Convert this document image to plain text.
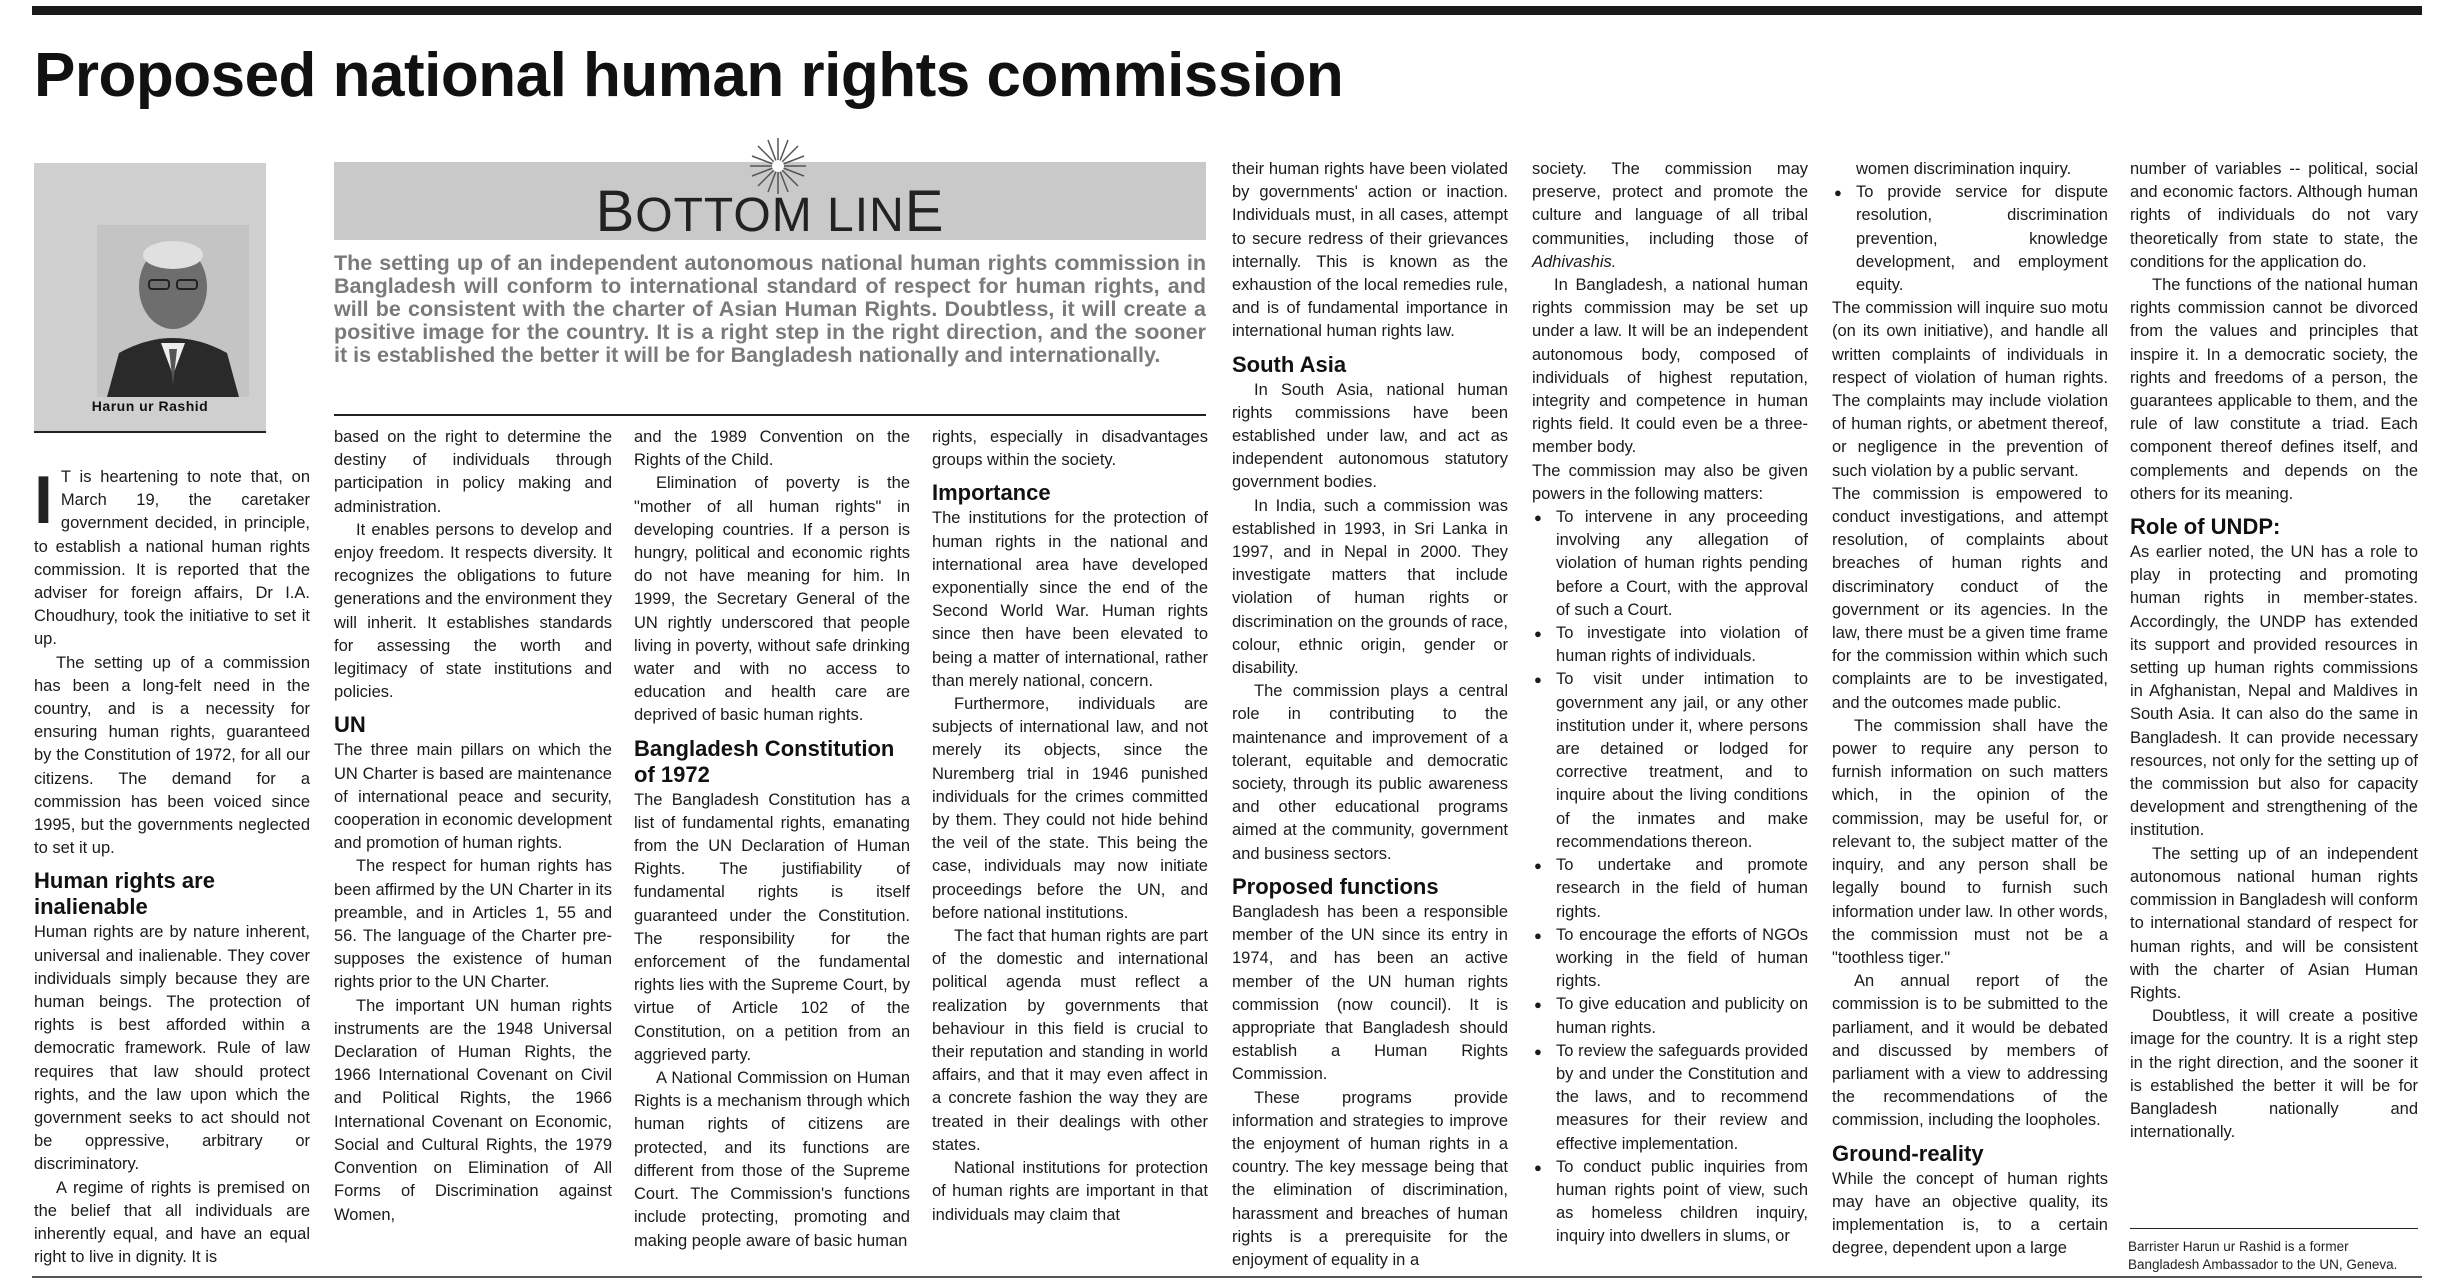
Proposed national human rights commission
Harun ur Rashid
BOTTOM LINE
The setting up of an independent autonomous national human rights commission in Bangladesh will conform to international standard of respect for human rights, and will be consistent with the charter of Asian Human Rights. Doubtless, it will create a positive image for the country. It is a right step in the right direction, and the sooner it is established the better it will be for Bangladesh nationally and internationally.

I T is heartening to note that, on March 19, the caretaker government decided, in principle, to establish a national human rights commission. It is reported that the adviser for foreign affairs, Dr I.A. Choudhury, took the initiative to set it up.

The setting up of a commission has been a long-felt need in the country, and is a necessity for ensuring human rights, guaranteed by the Constitution of 1972, for all our citizens. The demand for a commission has been voiced since 1995, but the governments neglected to set it up.

Human rights are inalienable

Human rights are by nature inherent, universal and inalienable. They cover individuals simply because they are human beings. The protection of rights is best afforded within a democratic framework. Rule of law requires that law should protect rights, and the law upon which the government seeks to act should not be oppressive, arbitrary or discriminatory.

A regime of rights is premised on the belief that all individuals are inherently equal, and have an equal right to live in dignity. It is

based on the right to determine the destiny of individuals through participation in policy making and administration.

It enables persons to develop and enjoy freedom. It respects diversity. It recognizes the obligations to future generations and the environment they will inherit. It establishes standards for assessing the worth and legitimacy of state institutions and policies.

UN

The three main pillars on which the UN Charter is based are maintenance of international peace and security, cooperation in economic development and promotion of human rights.

The respect for human rights has been affirmed by the UN Charter in its preamble, and in Articles 1, 55 and 56. The language of the Charter pre-supposes the existence of human rights prior to the UN Charter.

The important UN human rights instruments are the 1948 Universal Declaration of Human Rights, the 1966 International Covenant on Civil and Political Rights, the 1966 International Covenant on Economic, Social and Cultural Rights, the 1979 Convention on Elimination of All Forms of Discrimination against Women,

and the 1989 Convention on the Rights of the Child.

Elimination of poverty is the "mother of all human rights" in developing countries. If a person is hungry, political and economic rights do not have meaning for him. In 1999, the Secretary General of the UN rightly underscored that people living in poverty, without safe drinking water and with no access to education and health care are deprived of basic human rights.

Bangladesh Constitution of 1972

The Bangladesh Constitution has a list of fundamental rights, emanating from the UN Declaration of Human Rights. The justifiability of fundamental rights is itself guaranteed under the Constitution. The responsibility for the enforcement of the fundamental rights lies with the Supreme Court, by virtue of Article 102 of the Constitution, on a petition from an aggrieved party.

A National Commission on Human Rights is a mechanism through which human rights of citizens are protected, and its functions are different from those of the Supreme Court. The Commission's functions include protecting, promoting and making people aware of basic human

rights, especially in disadvantages groups within the society.

Importance

The institutions for the protection of human rights in the national and international area have developed exponentially since the end of the Second World War. Human rights since then have been elevated to being a matter of international, rather than merely national, concern.

Furthermore, individuals are subjects of international law, and not merely its objects, since the Nuremberg trial in 1946 punished individuals for the crimes committed by them. They could not hide behind the veil of the state. This being the case, individuals may now initiate proceedings before the UN, and before national institutions.

The fact that human rights are part of the domestic and international political agenda must reflect a realization by governments that behaviour in this field is crucial to their reputation and standing in world affairs, and that it may even affect in a concrete fashion the way they are treated in their dealings with other states.

National institutions for protection of human rights are important in that individuals may claim that

their human rights have been violated by governments' action or inaction. Individuals must, in all cases, attempt to secure redress of their grievances internally. This is known as the exhaustion of the local remedies rule, and is of fundamental importance in international human rights law.

South Asia

In South Asia, national human rights commissions have been established under law, and act as independent autonomous statutory government bodies.

In India, such a commission was established in 1993, in Sri Lanka in 1997, and in Nepal in 2000. They investigate matters that include violation of human rights or discrimination on the grounds of race, colour, ethnic origin, gender or disability.

The commission plays a central role in contributing to the maintenance and improvement of a tolerant, equitable and democratic society, through its public awareness and other educational programs aimed at the community, government and business sectors.

Proposed functions

Bangladesh has been a responsible member of the UN since its entry in 1974, and has been an active member of the UN human rights commission (now council). It is appropriate that Bangladesh should establish a Human Rights Commission.

These programs provide information and strategies to improve the enjoyment of human rights in a country. The key message being that the elimination of discrimination, harassment and breaches of human rights is a prerequisite for the enjoyment of equality in a

society. The commission may preserve, protect and promote the culture and language of all tribal communities, including those of Adhivashis.

In Bangladesh, a national human rights commission may be set up under a law. It will be an independent autonomous body, composed of individuals of highest reputation, integrity and competence in human rights field. It could even be a three-member body.

The commission may also be given powers in the following matters:

● To intervene in any proceeding involving any allegation of violation of human rights pending before a Court, with the approval of such a Court.
● To investigate into violation of human rights of individuals.
● To visit under intimation to government any jail, or any other institution under it, where persons are detained or lodged for corrective treatment, and to inquire about the living conditions of the inmates and make recommendations thereon.
● To undertake and promote research in the field of human rights.
● To encourage the efforts of NGOs working in the field of human rights.
● To give education and publicity on human rights.
● To review the safeguards provided by and under the Constitution and the laws, and to recommend measures for their review and effective implementation.
● To conduct public inquiries from human rights point of view, such as homeless children inquiry, inquiry into dwellers in slums, or

women discrimination inquiry.

● To provide service for dispute resolution, discrimination prevention, knowledge development, and employment equity.

The commission will inquire suo motu (on its own initiative), and handle all written complaints of individuals in respect of violation of human rights. The complaints may include violation of human rights, or abetment thereof, or negligence in the prevention of such violation by a public servant.

The commission is empowered to conduct investigations, and attempt resolution, of complaints about breaches of human rights and discriminatory conduct of the government or its agencies. In the law, there must be a given time frame for the commission within which such complaints are to be investigated, and the outcomes made public.

The commission shall have the power to require any person to furnish information on such matters which, in the opinion of the commission, may be useful for, or relevant to, the subject matter of the inquiry, and any person shall be legally bound to furnish such information under law. In other words, the commission must not be a "toothless tiger."

An annual report of the commission is to be submitted to the parliament, and it would be debated and discussed by members of parliament with a view to addressing the recommendations of the commission, including the loopholes.

Ground-reality

While the concept of human rights may have an objective quality, its implementation is, to a certain degree, dependent upon a large

number of variables -- political, social and economic factors. Although human rights of individuals do not vary theoretically from state to state, the conditions for the application do.

The functions of the national human rights commission cannot be divorced from the values and principles that inspire it. In a democratic society, the rights and freedoms of a person, the guarantees applicable to them, and the rule of law constitute a triad. Each component thereof defines itself, and complements and depends on the others for its meaning.

Role of UNDP:

As earlier noted, the UN has a role to play in protecting and promoting human rights in member-states. Accordingly, the UNDP has extended its support and provided resources in setting up human rights commissions in Afghanistan, Nepal and Maldives in South Asia. It can also do the same in Bangladesh. It can provide necessary resources, not only for the setting up of the commission but also for capacity development and strengthening of the institution.

The setting up of an independent autonomous national human rights commission in Bangladesh will conform to international standard of respect for human rights, and will be consistent with the charter of Asian Human Rights.

Doubtless, it will create a positive image for the country. It is a right step in the right direction, and the sooner it is established the better it will be for Bangladesh nationally and internationally.

Barrister Harun ur Rashid is a former Bangladesh Ambassador to the UN, Geneva.
